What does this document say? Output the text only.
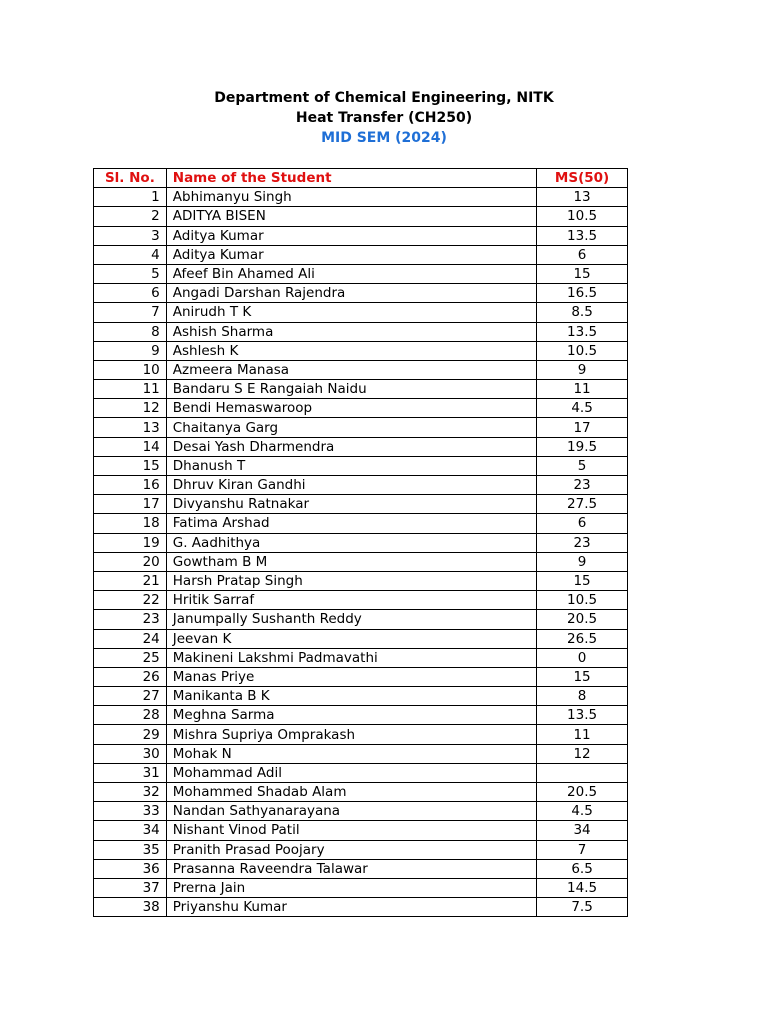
Department of Chemical Engineering, NITK
Heat Transfer (CH250)
MID SEM (2024)
Sl. No.	Name of the Student	MS(50)
1	Abhimanyu Singh	13
2	ADITYA BISEN	10.5
3	Aditya Kumar	13.5
4	Aditya Kumar	6
5	Afeef Bin Ahamed Ali	15
6	Angadi Darshan Rajendra	16.5
7	Anirudh T K	8.5
8	Ashish Sharma	13.5
9	Ashlesh K	10.5
10	Azmeera Manasa	9
11	Bandaru S E Rangaiah Naidu	11
12	Bendi Hemaswaroop	4.5
13	Chaitanya Garg	17
14	Desai Yash Dharmendra	19.5
15	Dhanush T	5
16	Dhruv Kiran Gandhi	23
17	Divyanshu Ratnakar	27.5
18	Fatima Arshad	6
19	G. Aadhithya	23
20	Gowtham B M	9
21	Harsh Pratap Singh	15
22	Hritik Sarraf	10.5
23	Janumpally Sushanth Reddy	20.5
24	Jeevan K	26.5
25	Makineni Lakshmi Padmavathi	0
26	Manas Priye	15
27	Manikanta B K	8
28	Meghna Sarma	13.5
29	Mishra Supriya Omprakash	11
30	Mohak N	12
31	Mohammad Adil	
32	Mohammed Shadab Alam	20.5
33	Nandan Sathyanarayana	4.5
34	Nishant Vinod Patil	34
35	Pranith Prasad Poojary	7
36	Prasanna Raveendra Talawar	6.5
37	Prerna Jain	14.5
38	Priyanshu Kumar	7.5
